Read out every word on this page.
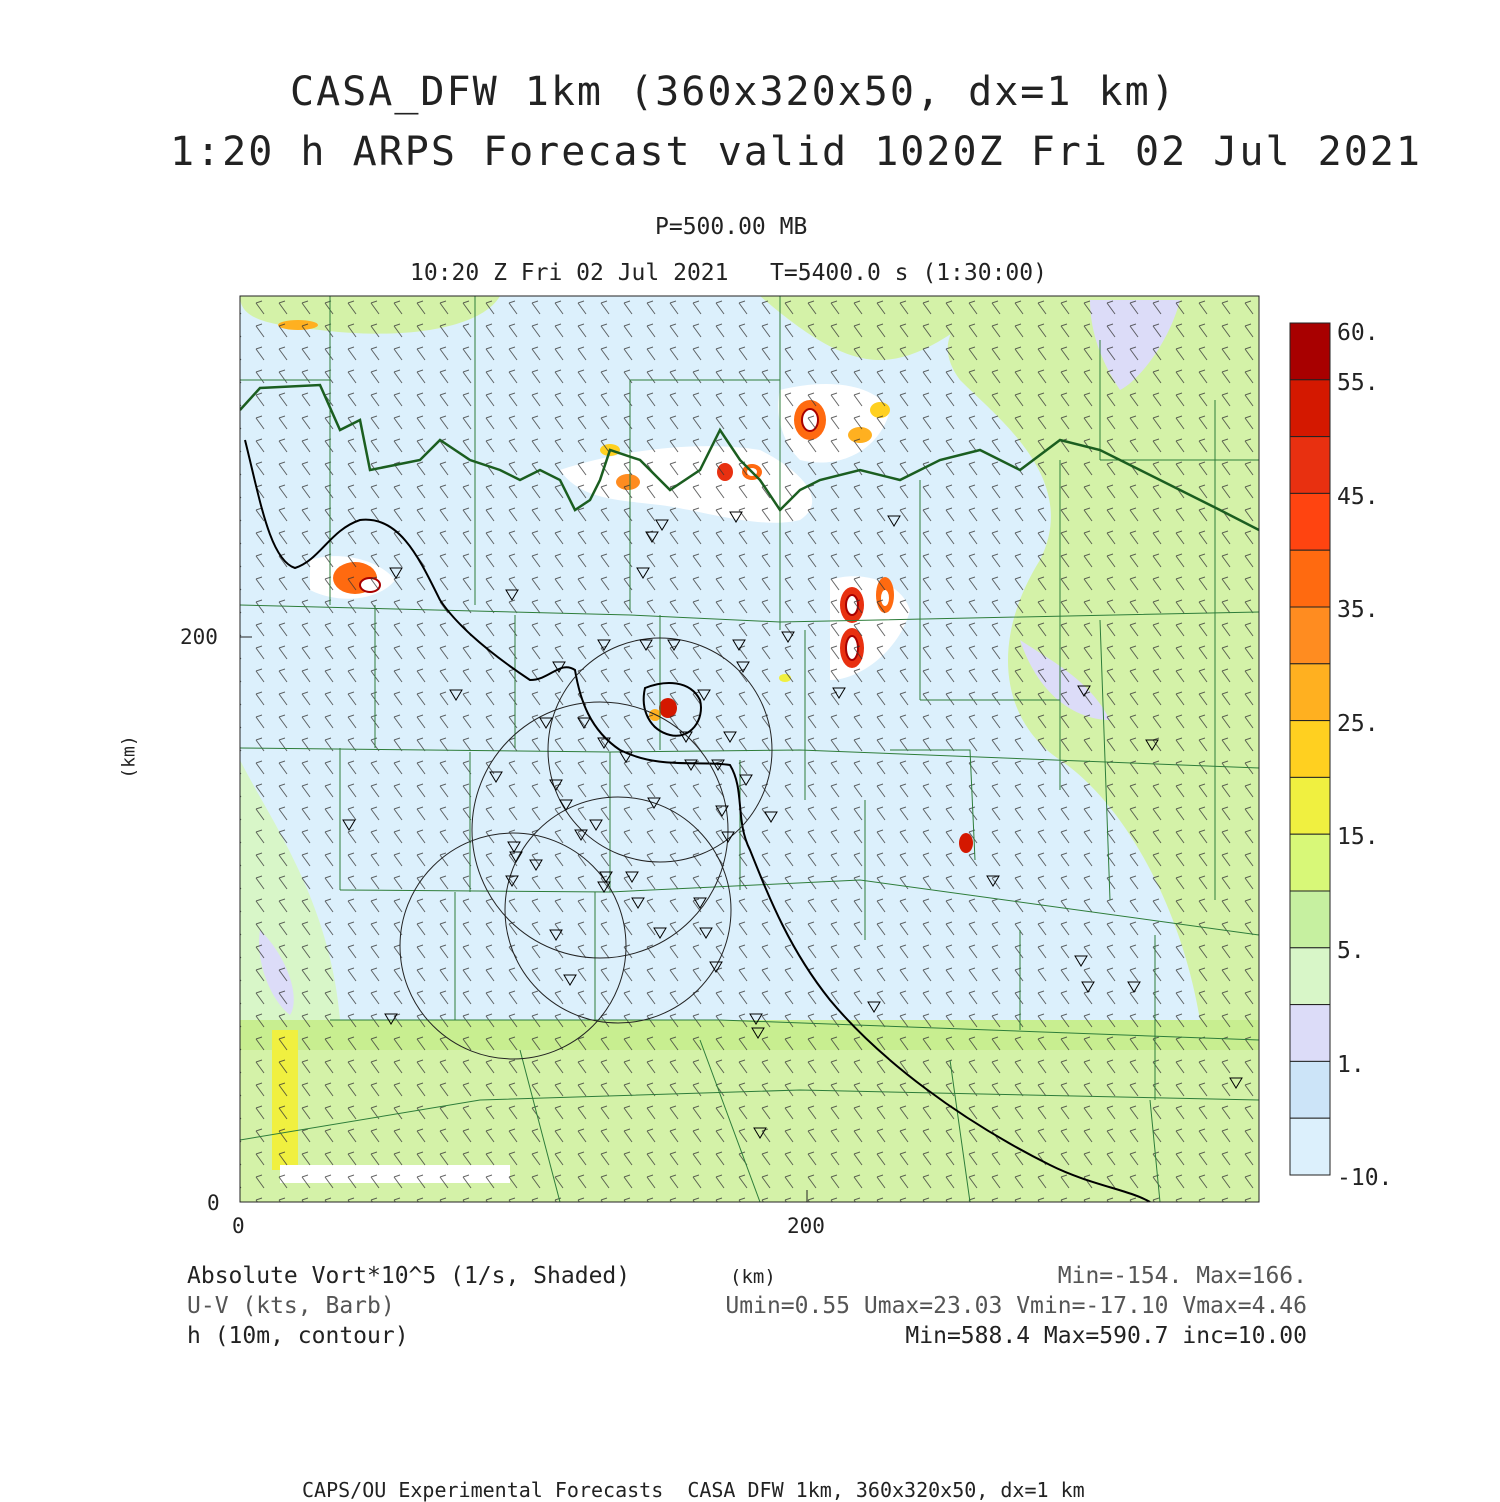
CASA_DFW 1km (360x320x50, dx=1 km)
1:20 h ARPS Forecast valid 1020Z Fri 02 Jul 2021
P=500.00 MB
10:20 Z Fri 02 Jul 2021   T=5400.0 s (1:30:00)
200
0
0	200
(km)
60.
55.
45.
35.
25.
15.
5.
1.
-10.
Absolute Vort*10^5 (1/s, Shaded)
U-V (kts, Barb)
h (10m, contour)
(km)	Min=-154. Max=166.
Umin=0.55 Umax=23.03 Vmin=-17.10 Vmax=4.46
Min=588.4 Max=590.7 inc=10.00
CAPS/OU Experimental Forecasts  CASA DFW 1km, 360x320x50, dx=1 km
